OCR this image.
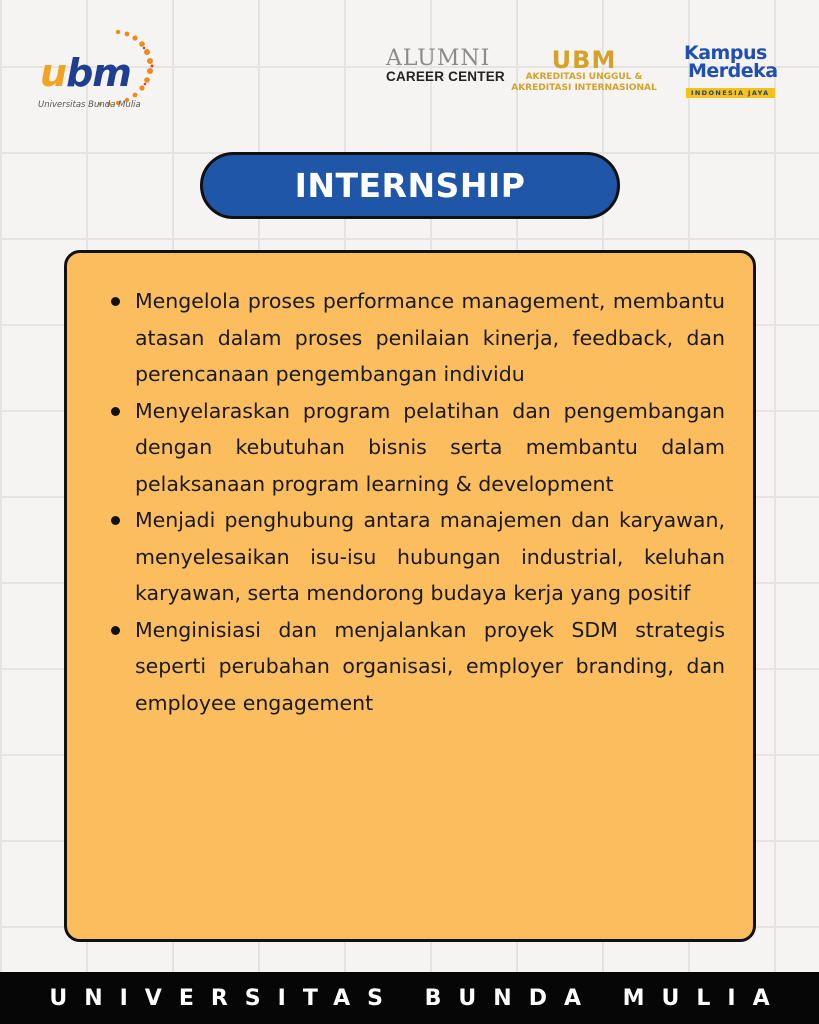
ubm
Universitas Bunda Mulia
ALUMNI
CAREER CENTER
UBM
AKREDITASI UNGGUL &
AKREDITASI INTERNASIONAL
Kampus
Merdeka
INDONESIA JAYA
INTERNSHIP
Mengelola proses performance management, membantu atasan dalam proses penilaian kinerja, feedback, dan perencanaan pengembangan individu
Menyelaraskan program pelatihan dan pengembangan dengan kebutuhan bisnis serta membantu dalam pelaksanaan program learning & development
Menjadi penghubung antara manajemen dan karyawan, menyelesaikan isu-isu hubungan industrial, keluhan karyawan, serta mendorong budaya kerja yang positif
Menginisiasi dan menjalankan proyek SDM strategis seperti perubahan organisasi, employer branding, dan employee engagement
UNIVERSITAS BUNDA MULIA
